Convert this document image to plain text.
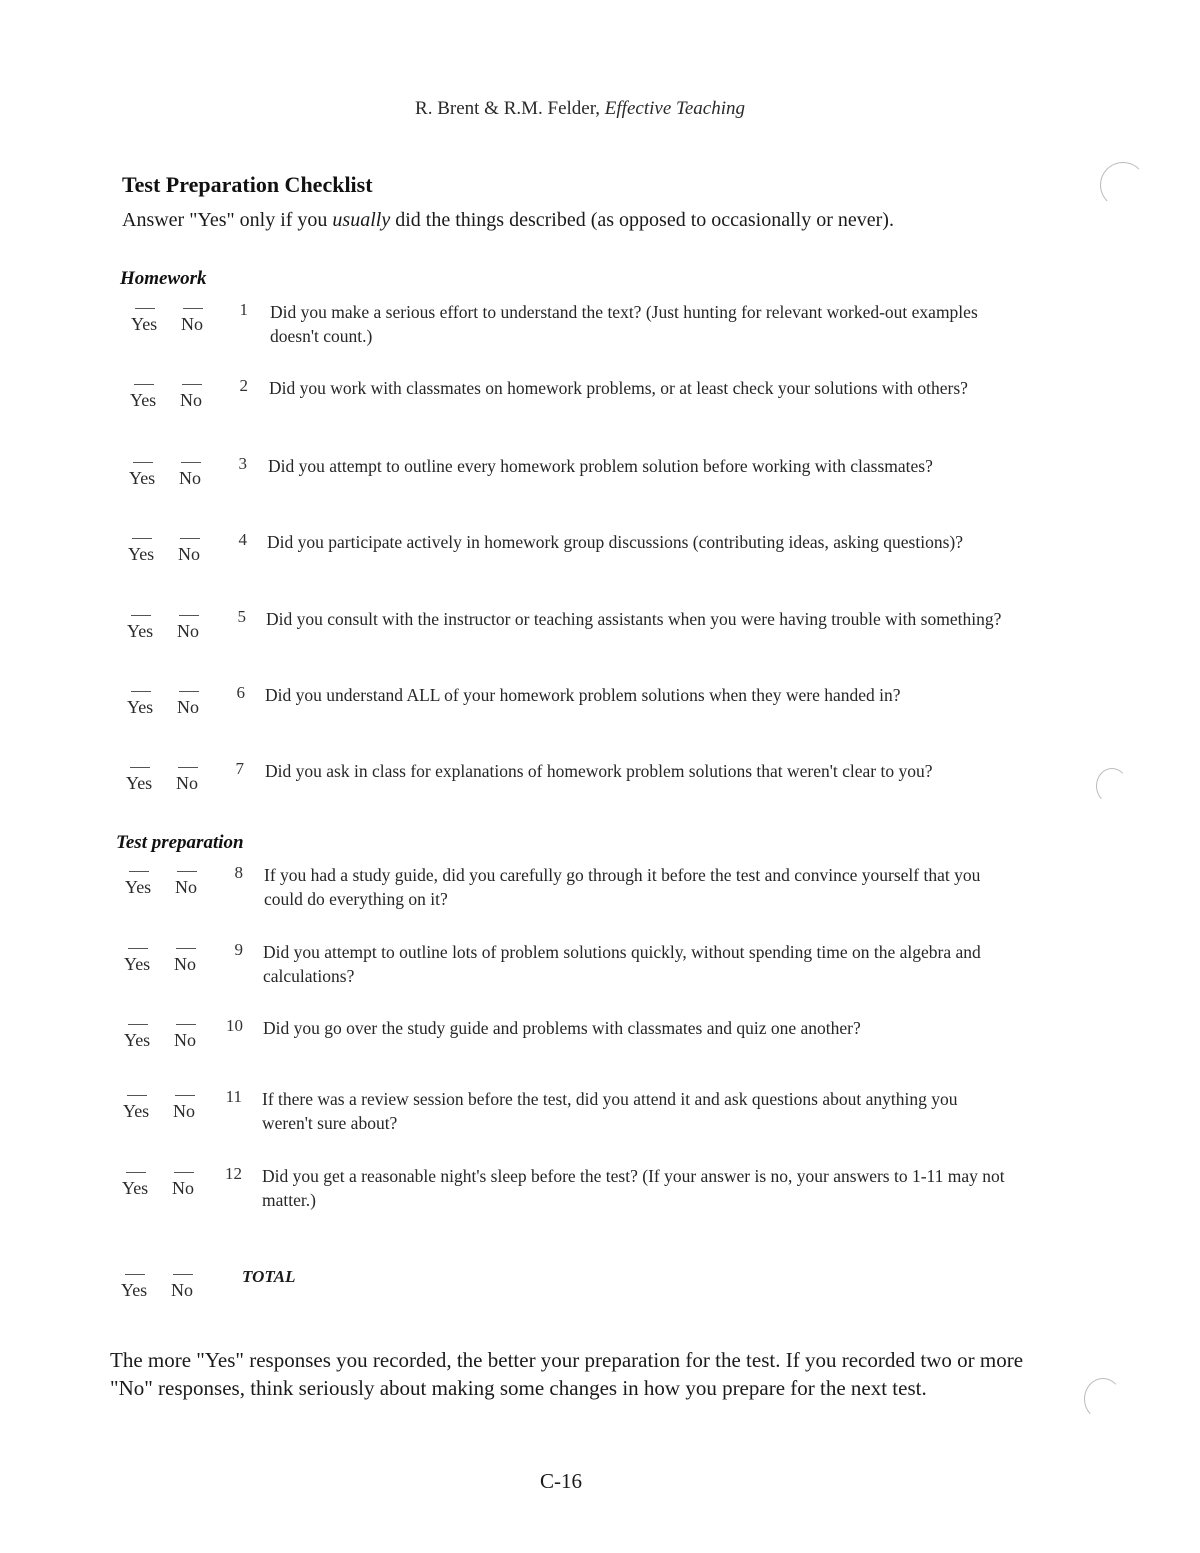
R. Brent & R.M. Felder, Effective Teaching
Test Preparation Checklist
Answer "Yes" only if you usually did the things described (as opposed to occasionally or never).
Homework
Yes No
1 Did you make a serious effort to understand the text? (Just hunting for relevant worked-out examples doesn't count.)
Yes No
2 Did you work with classmates on homework problems, or at least check your solutions with others?
Yes No
3 Did you attempt to outline every homework problem solution before working with classmates?
Yes No
4 Did you participate actively in homework group discussions (contributing ideas, asking questions)?
Yes No
5 Did you consult with the instructor or teaching assistants when you were having trouble with something?
Yes No
6 Did you understand ALL of your homework problem solutions when they were handed in?
Yes No
7 Did you ask in class for explanations of homework problem solutions that weren't clear to you?
Test preparation
Yes No
8 If you had a study guide, did you carefully go through it before the test and convince yourself that you could do everything on it?
Yes No
9 Did you attempt to outline lots of problem solutions quickly, without spending time on the algebra and calculations?
Yes No
10 Did you go over the study guide and problems with classmates and quiz one another?
Yes No
11 If there was a review session before the test, did you attend it and ask questions about anything you weren't sure about?
Yes No
12 Did you get a reasonable night's sleep before the test? (If your answer is no, your answers to 1-11 may not matter.)
Yes No
TOTAL
The more "Yes" responses you recorded, the better your preparation for the test. If you recorded two or more "No" responses, think seriously about making some changes in how you prepare for the next test.
C-16
